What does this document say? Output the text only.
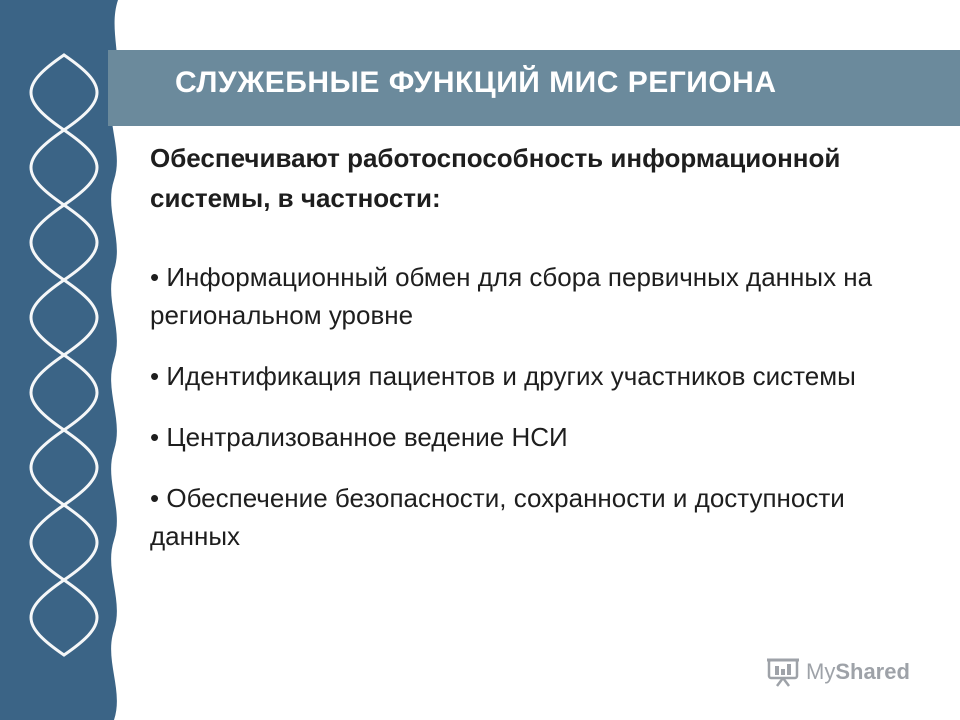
СЛУЖЕБНЫЕ ФУНКЦИЙ МИС РЕГИОНА

Обеспечивают работоспособность информационной системы, в частности:

• Информационный обмен для сбора первичных данных на региональном уровне
• Идентификация пациентов и других участников системы
• Централизованное ведение НСИ
• Обеспечение безопасности, сохранности и доступности данных
MyShared
